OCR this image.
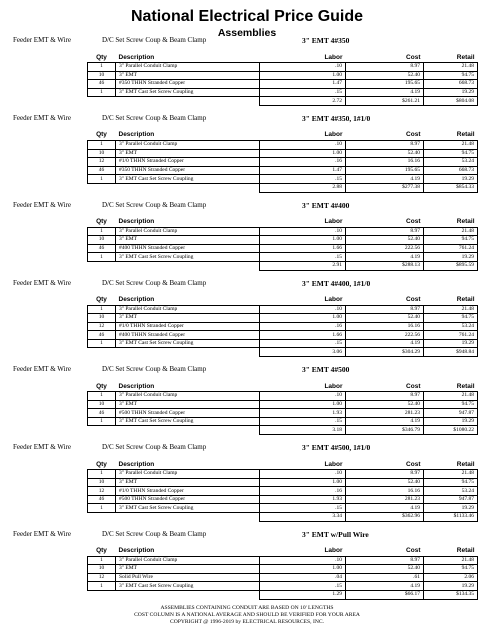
National Electrical Price Guide
Assemblies
Feeder EMT & Wire	D/C Set Screw Coup & Beam Clamp	3" EMT 4#350
Qty	Description	Labor	Cost	Retail
1	3" Parallel Conduit Clamp	.10	8.97	21.48
10	3" EMT	1.00	52.40	94.75
46	#350 THHN Stranded Copper	1.47	195.65	668.73
1	3" EMT Cast Set Screw Coupling	.15	4.19	19.29
		2.72	$261.21	$804.08
Feeder EMT & Wire	D/C Set Screw Coup & Beam Clamp	3" EMT 4#350, 1#1/0
Qty	Description	Labor	Cost	Retail
1	3" Parallel Conduit Clamp	.10	8.97	21.48
10	3" EMT	1.00	52.40	94.75
12	#1/0 THHN Stranded Copper	.16	16.16	53.24
46	#350 THHN Stranded Copper	1.47	195.65	668.73
1	3" EMT Cast Set Screw Coupling	.15	4.19	19.29
		2.88	$277.38	$854.33
Feeder EMT & Wire	D/C Set Screw Coup & Beam Clamp	3" EMT 4#400
Qty	Description	Labor	Cost	Retail
1	3" Parallel Conduit Clamp	.10	8.97	21.48
10	3" EMT	1.00	52.40	94.75
46	#400 THHN Stranded Copper	1.66	222.56	761.24
1	3" EMT Cast Set Screw Coupling	.15	4.19	19.29
		2.91	$288.13	$895.59
Feeder EMT & Wire	D/C Set Screw Coup & Beam Clamp	3" EMT 4#400, 1#1/0
Qty	Description	Labor	Cost	Retail
1	3" Parallel Conduit Clamp	.10	8.97	21.48
10	3" EMT	1.00	52.40	94.75
12	#1/0 THHN Stranded Copper	.16	16.16	53.24
46	#400 THHN Stranded Copper	1.66	222.56	761.24
1	3" EMT Cast Set Screw Coupling	.15	4.19	19.29
		3.06	$304.29	$948.84
Feeder EMT & Wire	D/C Set Screw Coup & Beam Clamp	3" EMT 4#500
Qty	Description	Labor	Cost	Retail
1	3" Parallel Conduit Clamp	.10	8.97	21.48
10	3" EMT	1.00	52.40	94.75
46	#500 THHN Stranded Copper	1.93	281.23	947.87
1	3" EMT Cast Set Screw Coupling	.15	4.19	19.29
		3.18	$346.79	$1080.22
Feeder EMT & Wire	D/C Set Screw Coup & Beam Clamp	3" EMT 4#500, 1#1/0
Qty	Description	Labor	Cost	Retail
1	3" Parallel Conduit Clamp	.10	8.97	21.48
10	3" EMT	1.00	52.40	94.75
12	#1/0 THHN Stranded Copper	.16	16.16	53.24
46	#500 THHN Stranded Copper	1.93	281.23	947.87
1	3" EMT Cast Set Screw Coupling	.15	4.19	19.29
		3.34	$362.96	$1133.46
Feeder EMT & Wire	D/C Set Screw Coup & Beam Clamp	3" EMT w/Pull Wire
Qty	Description	Labor	Cost	Retail
1	3" Parallel Conduit Clamp	.10	8.97	21.48
10	3" EMT	1.00	52.40	94.75
12	Solid Pull Wire	.04	.61	2.06
1	3" EMT Cast Set Screw Coupling	.15	4.19	19.29
		1.29	$66.17	$134.35
ASSEMBLIES CONTAINING CONDUIT ARE BASED ON 10' LENGTHS
COST COLUMN IS A NATIONAL AVERAGE AND SHOULD BE VERIFIED FOR YOUR AREA
COPYRIGHT @ 1996-2019 by ELECTRICAL RESOURCES, INC.
